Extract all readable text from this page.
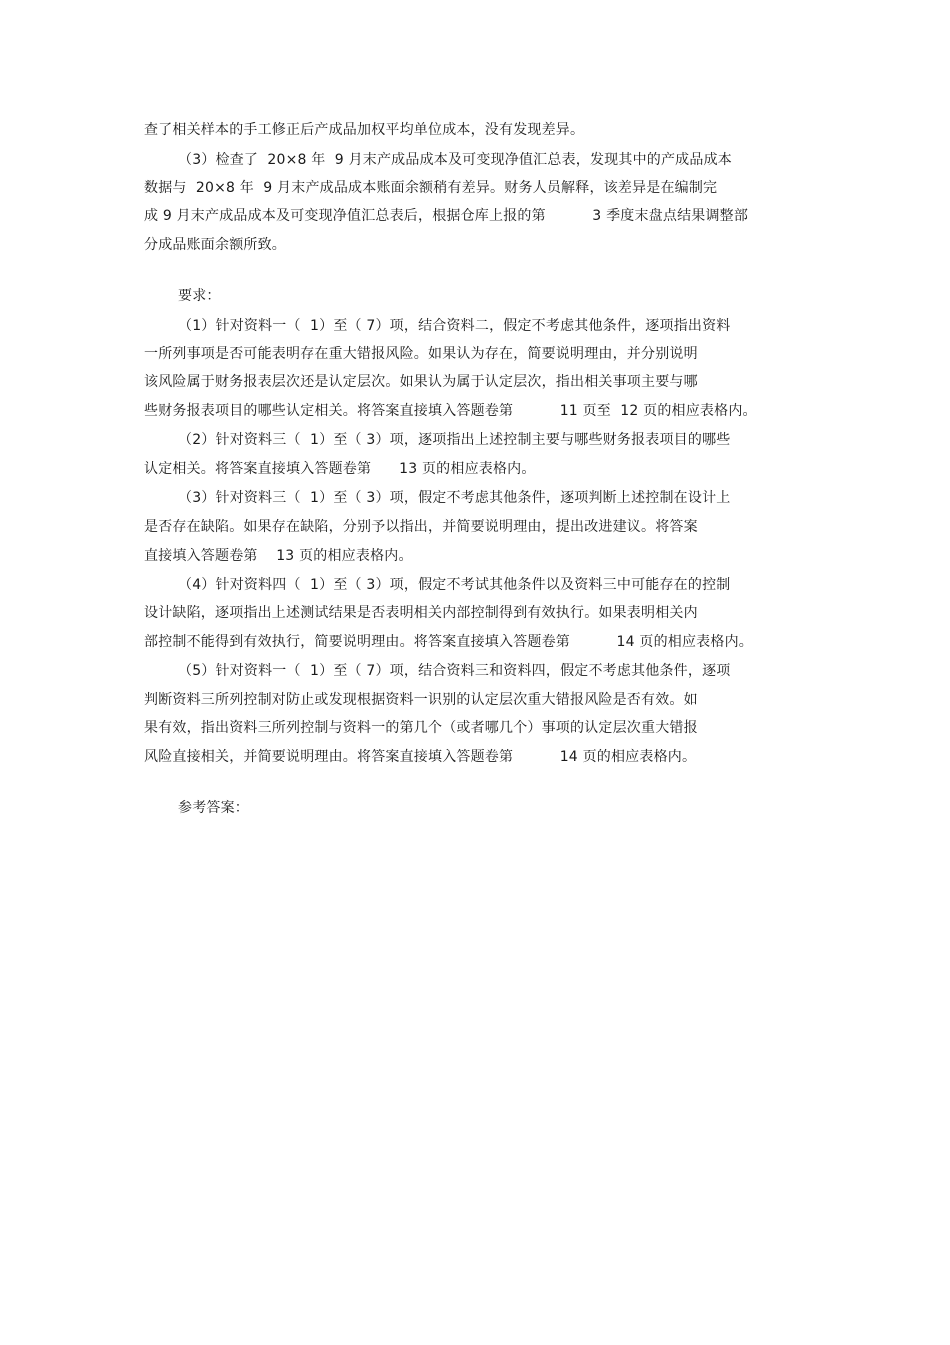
查了相关样本的手工修正后产成品加权平均单位成本，没有发现差异。
（3）检查了  20×8 年  9 月末产成品成本及可变现净值汇总表，发现其中的产成品成本
数据与  20×8 年  9 月末产成品成本账面余额稍有差异。财务人员解释，该差异是在编制完
成 9 月末产成品成本及可变现净值汇总表后，根据仓库上报的第          3 季度末盘点结果调整部
分成品账面余额所致。
要求：
（1）针对资料一（  1）至（ 7）项，结合资料二，假定不考虑其他条件，逐项指出资料
一所列事项是否可能表明存在重大错报风险。如果认为存在，简要说明理由，并分别说明
该风险属于财务报表层次还是认定层次。如果认为属于认定层次，指出相关事项主要与哪
些财务报表项目的哪些认定相关。将答案直接填入答题卷第          11 页至  12 页的相应表格内。
（2）针对资料三（  1）至（ 3）项，逐项指出上述控制主要与哪些财务报表项目的哪些
认定相关。将答案直接填入答题卷第      13 页的相应表格内。
（3）针对资料三（  1）至（ 3）项，假定不考虑其他条件，逐项判断上述控制在设计上
是否存在缺陷。如果存在缺陷，分别予以指出，并简要说明理由，提出改进建议。将答案
直接填入答题卷第    13 页的相应表格内。
（4）针对资料四（  1）至（ 3）项，假定不考试其他条件以及资料三中可能存在的控制
设计缺陷，逐项指出上述测试结果是否表明相关内部控制得到有效执行。如果表明相关内
部控制不能得到有效执行，简要说明理由。将答案直接填入答题卷第          14 页的相应表格内。
（5）针对资料一（  1）至（ 7）项，结合资料三和资料四，假定不考虑其他条件，逐项
判断资料三所列控制对防止或发现根据资料一识别的认定层次重大错报风险是否有效。如
果有效，指出资料三所列控制与资料一的第几个（或者哪几个）事项的认定层次重大错报
风险直接相关，并简要说明理由。将答案直接填入答题卷第          14 页的相应表格内。
参考答案：
